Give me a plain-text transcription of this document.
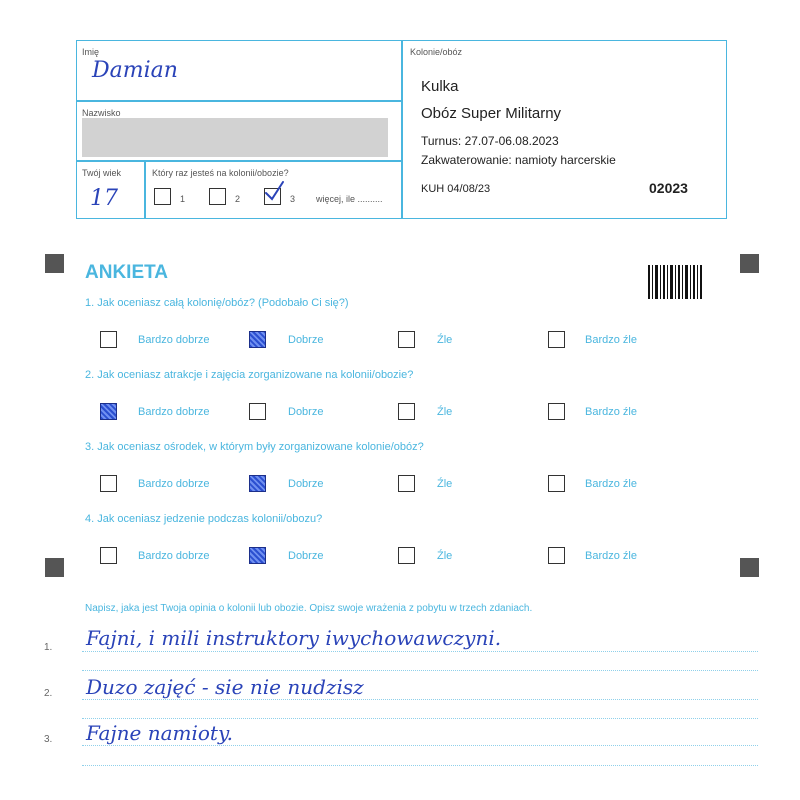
Imię
Damian
Nazwisko
Twój wiek
17
Który raz jesteś na kolonii/obozie?
1	2	3 więcej, ile ..........
Kolonie/obóz
Kulka
Obóz Super Militarny
Turnus: 27.07-06.08.2023
Zakwaterowanie: namioty harcerskie
KUH 04/08/23	02023
ANKIETA
1. Jak oceniasz całą kolonię/obóz? (Podobało Ci się?)
Bardzo dobrze	Dobrze	Źle	Bardzo źle
2. Jak oceniasz atrakcje i zajęcia zorganizowane na kolonii/obozie?
Bardzo dobrze	Dobrze	Źle	Bardzo źle
3. Jak oceniasz ośrodek, w którym były zorganizowane kolonie/obóz?
Bardzo dobrze	Dobrze	Źle	Bardzo źle
4. Jak oceniasz jedzenie podczas kolonii/obozu?
Bardzo dobrze	Dobrze	Źle	Bardzo źle
Napisz, jaka jest Twoja opinia o kolonii lub obozie. Opisz swoje wrażenia z pobytu w trzech zdaniach.
1. Fajni, i mili instruktory iwychowawczyni.
2. Duzo zajęć - sie nie nudzisz
3. Fajne namioty.
